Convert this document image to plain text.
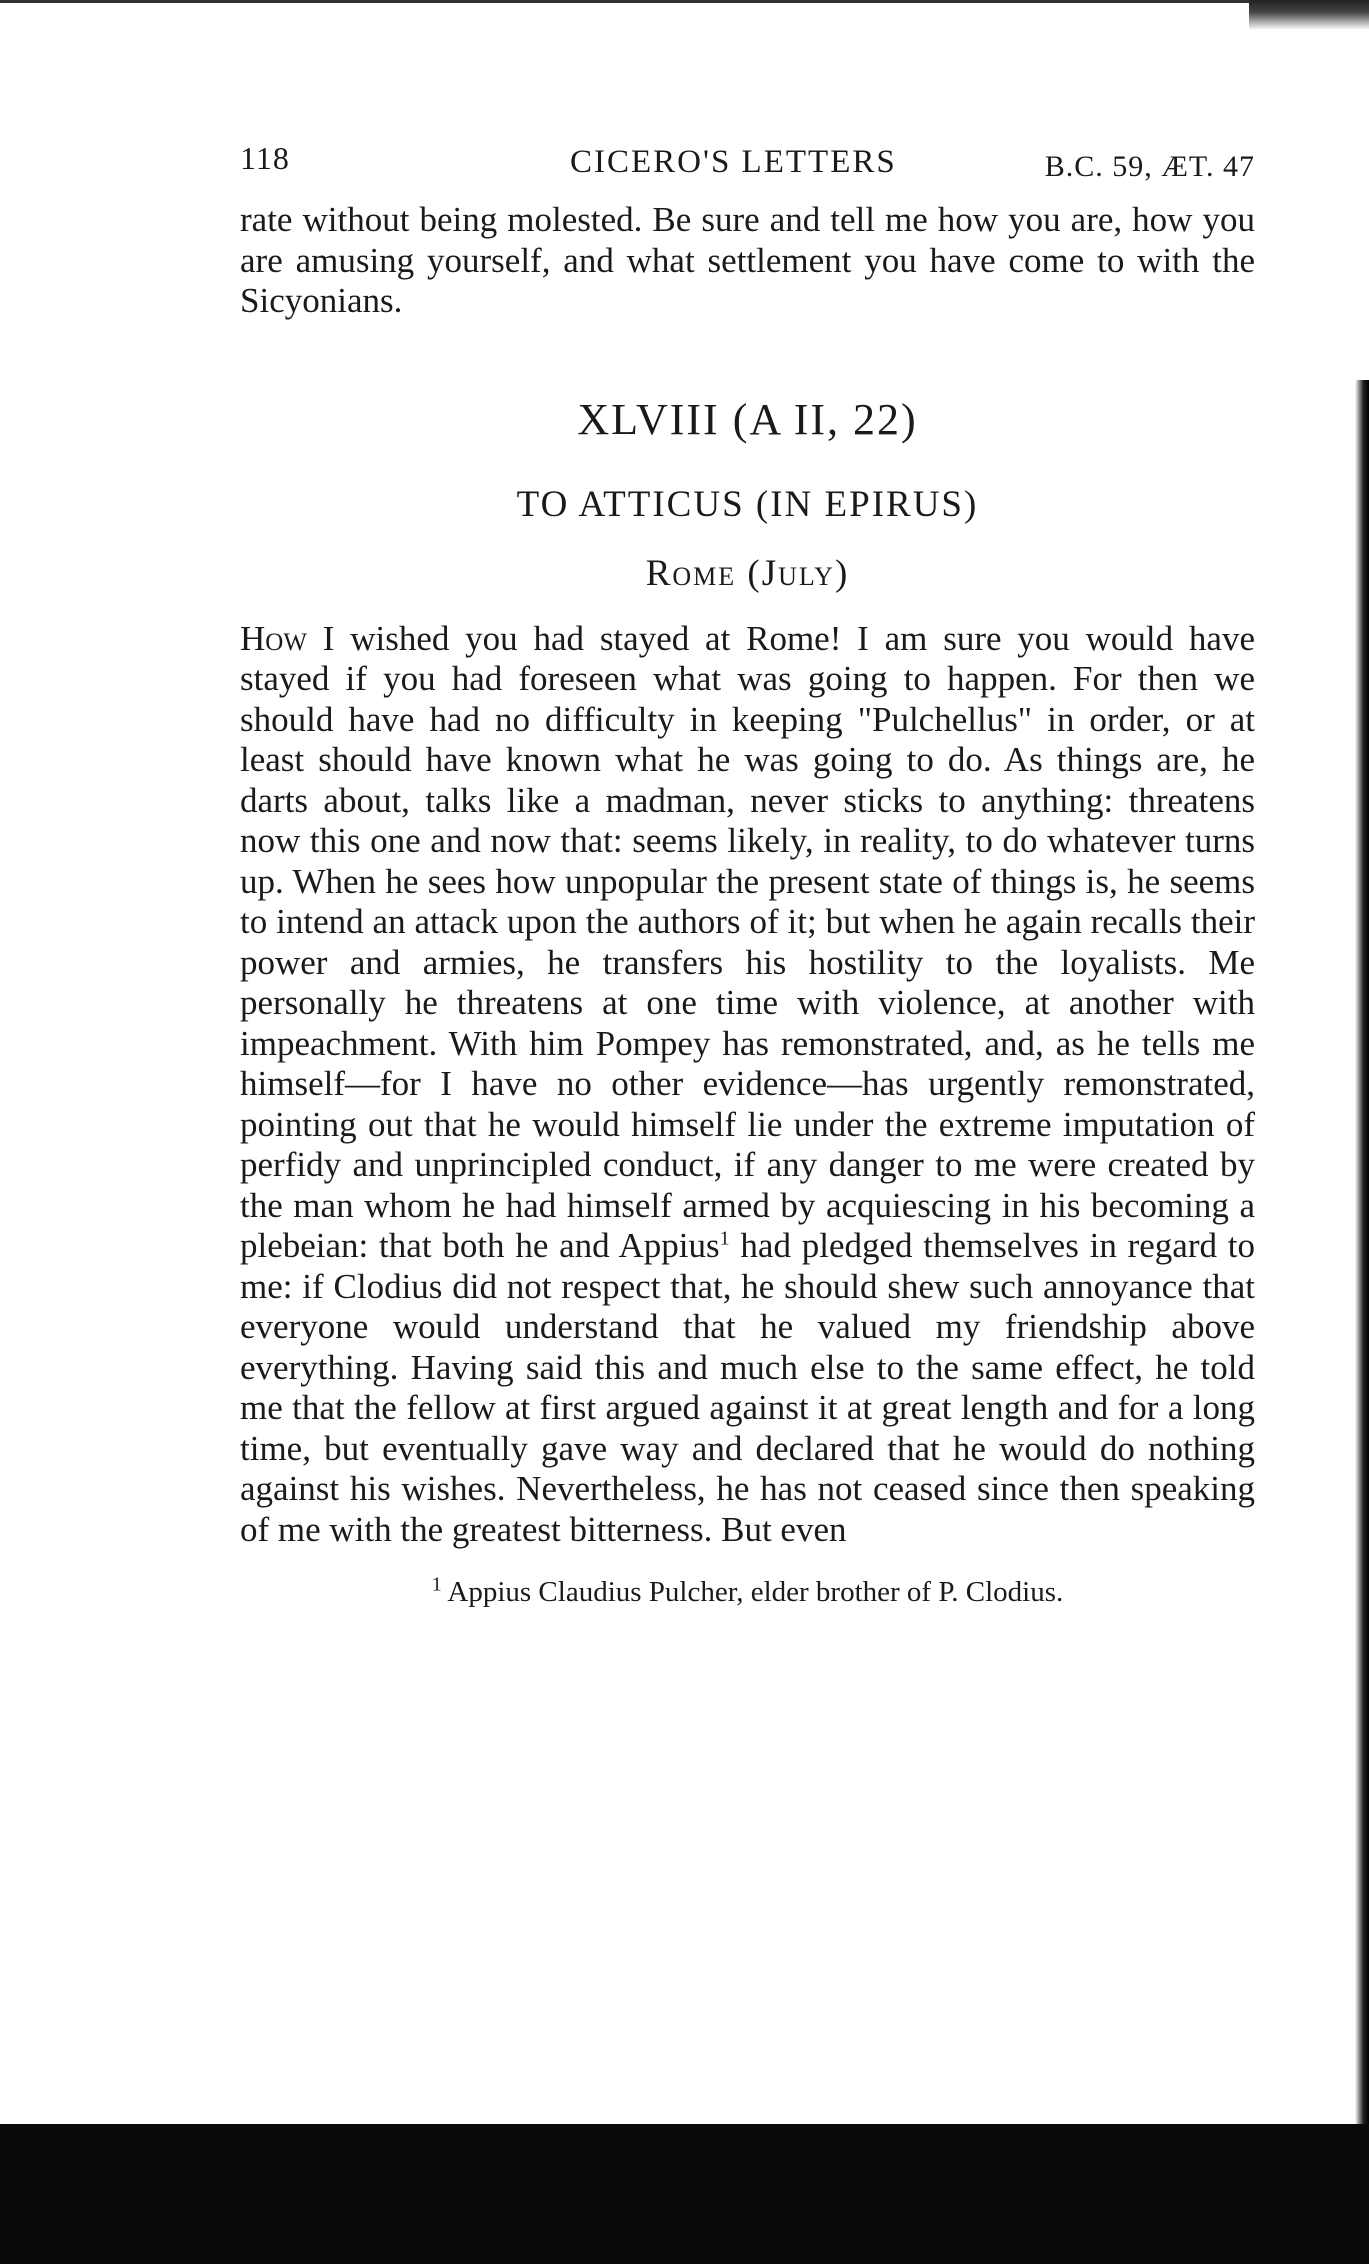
118	CICERO'S LETTERS	B.C. 59, ÆT. 47

rate without being molested. Be sure and tell me how you are, how you are amusing yourself, and what settlement you have come to with the Sicyonians.

XLVIII (A II, 22)
TO ATTICUS (IN EPIRUS)
Rome (July)

How I wished you had stayed at Rome! I am sure you would have stayed if you had foreseen what was going to happen. For then we should have had no difficulty in keeping "Pulchellus" in order, or at least should have known what he was going to do. As things are, he darts about, talks like a madman, never sticks to anything: threatens now this one and now that: seems likely, in reality, to do whatever turns up. When he sees how unpopular the present state of things is, he seems to intend an attack upon the authors of it; but when he again recalls their power and armies, he transfers his hostility to the loyalists. Me personally he threatens at one time with violence, at another with impeachment. With him Pompey has remonstrated, and, as he tells me himself—for I have no other evidence—has urgently remonstrated, pointing out that he would himself lie under the extreme imputation of perfidy and unprincipled conduct, if any danger to me were created by the man whom he had himself armed by acquiescing in his becoming a plebeian: that both he and Appius$^1$ had pledged themselves in regard to me: if Clodius did not respect that, he should shew such annoyance that everyone would understand that he valued my friendship above everything. Having said this and much else to the same effect, he told me that the fellow at first argued against it at great length and for a long time, but eventually gave way and declared that he would do nothing against his wishes. Nevertheless, he has not ceased since then speaking of me with the greatest bitterness. But even

$^1$ Appius Claudius Pulcher, elder brother of P. Clodius.
